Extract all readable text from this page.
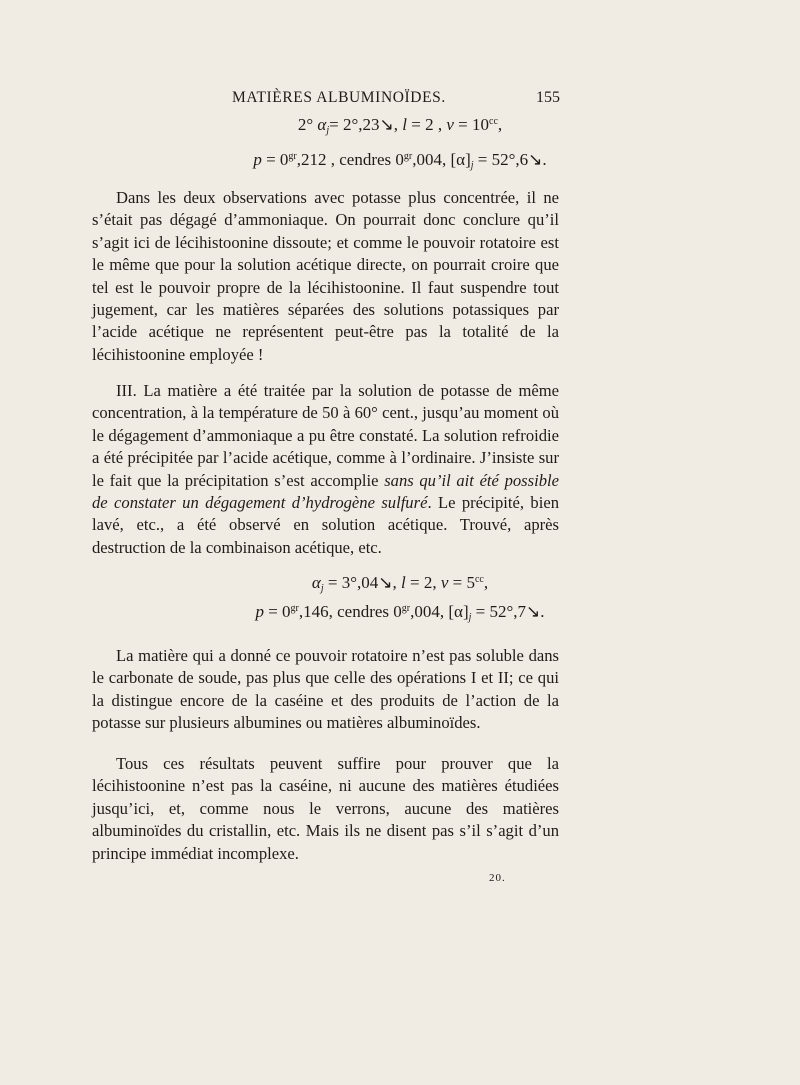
MATIÈRES ALBUMINOÏDES.	155
2° $\alpha_j=$ 2°,23↘, l = 2 , $v = 10^{cc}$,
$p = 0^{gr},212$ , cendres $0^{gr},004$, $[\alpha]_j$ = 52°,6↘.

Dans les deux observations avec potasse plus concentrée, il ne s’était pas dégagé d’ammoniaque. On pourrait donc conclure qu’il s’agit ici de lécihistoonine dissoute; et comme le pouvoir rotatoire est le même que pour la solution acétique directe, on pourrait croire que tel est le pouvoir propre de la lécihistoonine. Il faut suspendre tout jugement, car les matières séparées des solutions potassiques par l’acide acétique ne représentent peut-être pas la totalité de la lécihistoonine employée !

III. La matière a été traitée par la solution de potasse de même concentration, à la température de 50 à 60° cent., jusqu’au moment où le dégagement d’ammoniaque a pu être constaté. La solution refroidie a été précipitée par l’acide acétique, comme à l’ordinaire. J’insiste sur le fait que la précipitation s’est accomplie sans qu’il ait été possible de constater un dégagement d’hydrogène sulfuré. Le précipité, bien lavé, etc., a été observé en solution acétique. Trouvé, après destruction de la combinaison acétique, etc.

$\alpha_j$ = 3°,04↘, l = 2, $v = 5^{cc}$,
$p = 0^{gr},146$, cendres $0^{gr},004$, $[\alpha]_j$ = 52°,7↘.

La matière qui a donné ce pouvoir rotatoire n’est pas soluble dans le carbonate de soude, pas plus que celle des opérations I et II; ce qui la distingue encore de la caséine et des produits de l’action de la potasse sur plusieurs albumines ou matières albuminoïdes.

Tous ces résultats peuvent suffire pour prouver que la lécihistoonine n’est pas la caséine, ni aucune des matières étudiées jusqu’ici, et, comme nous le verrons, aucune des matières albuminoïdes du cristallin, etc. Mais ils ne disent pas s’il s’agit d’un principe immédiat incomplexe.

20.
